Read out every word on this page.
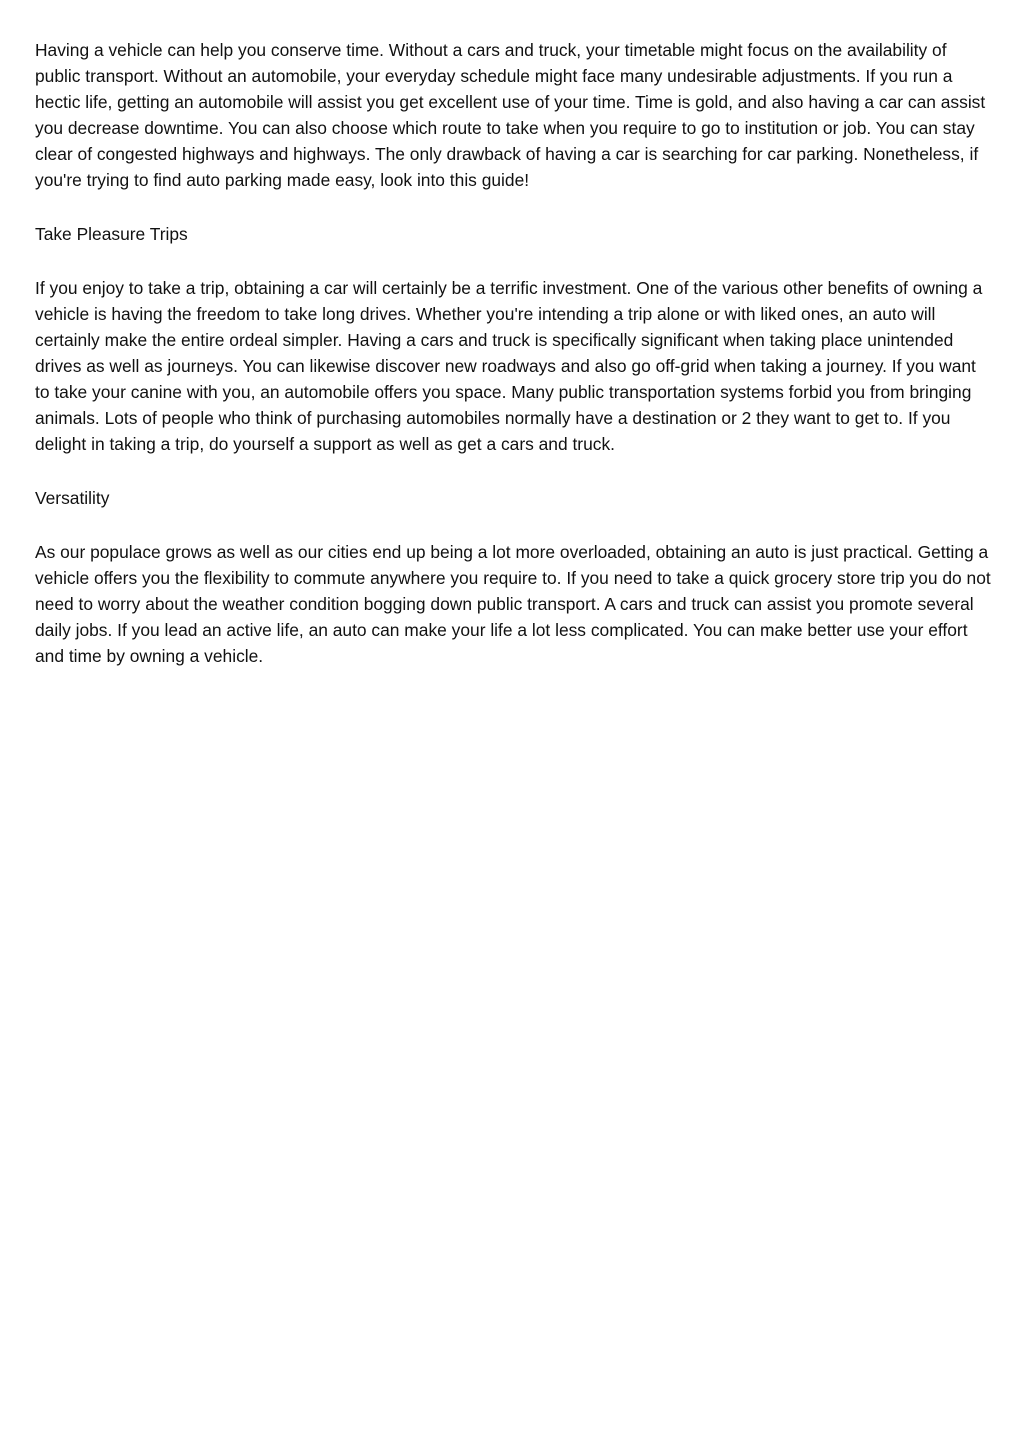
Having a vehicle can help you conserve time. Without a cars and truck, your timetable might focus on the availability of public transport. Without an automobile, your everyday schedule might face many undesirable adjustments. If you run a hectic life, getting an automobile will assist you get excellent use of your time. Time is gold, and also having a car can assist you decrease downtime. You can also choose which route to take when you require to go to institution or job. You can stay clear of congested highways and highways. The only drawback of having a car is searching for car parking. Nonetheless, if you're trying to find auto parking made easy, look into this guide!

Take Pleasure Trips

If you enjoy to take a trip, obtaining a car will certainly be a terrific investment. One of the various other benefits of owning a vehicle is having the freedom to take long drives. Whether you're intending a trip alone or with liked ones, an auto will certainly make the entire ordeal simpler. Having a cars and truck is specifically significant when taking place unintended drives as well as journeys. You can likewise discover new roadways and also go off-grid when taking a journey. If you want to take your canine with you, an automobile offers you space. Many public transportation systems forbid you from bringing animals. Lots of people who think of purchasing automobiles normally have a destination or 2 they want to get to. If you delight in taking a trip, do yourself a support as well as get a cars and truck.

Versatility

As our populace grows as well as our cities end up being a lot more overloaded, obtaining an auto is just practical. Getting a vehicle offers you the flexibility to commute anywhere you require to. If you need to take a quick grocery store trip you do not need to worry about the weather condition bogging down public transport. A cars and truck can assist you promote several daily jobs. If you lead an active life, an auto can make your life a lot less complicated. You can make better use your effort and time by owning a vehicle.
